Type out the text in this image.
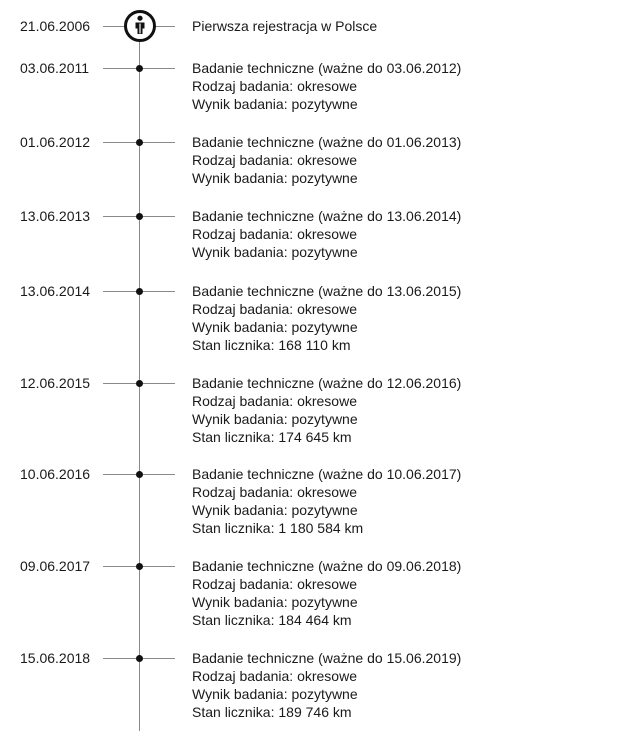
21.06.2006	Pierwsza rejestracja w Polsce
03.06.2011	Badanie techniczne (ważne do 03.06.2012)
Rodzaj badania: okresowe
Wynik badania: pozytywne
01.06.2012	Badanie techniczne (ważne do 01.06.2013)
Rodzaj badania: okresowe
Wynik badania: pozytywne
13.06.2013	Badanie techniczne (ważne do 13.06.2014)
Rodzaj badania: okresowe
Wynik badania: pozytywne
13.06.2014	Badanie techniczne (ważne do 13.06.2015)
Rodzaj badania: okresowe
Wynik badania: pozytywne
Stan licznika: 168 110 km
12.06.2015	Badanie techniczne (ważne do 12.06.2016)
Rodzaj badania: okresowe
Wynik badania: pozytywne
Stan licznika: 174 645 km
10.06.2016	Badanie techniczne (ważne do 10.06.2017)
Rodzaj badania: okresowe
Wynik badania: pozytywne
Stan licznika: 1 180 584 km
09.06.2017	Badanie techniczne (ważne do 09.06.2018)
Rodzaj badania: okresowe
Wynik badania: pozytywne
Stan licznika: 184 464 km
15.06.2018	Badanie techniczne (ważne do 15.06.2019)
Rodzaj badania: okresowe
Wynik badania: pozytywne
Stan licznika: 189 746 km
